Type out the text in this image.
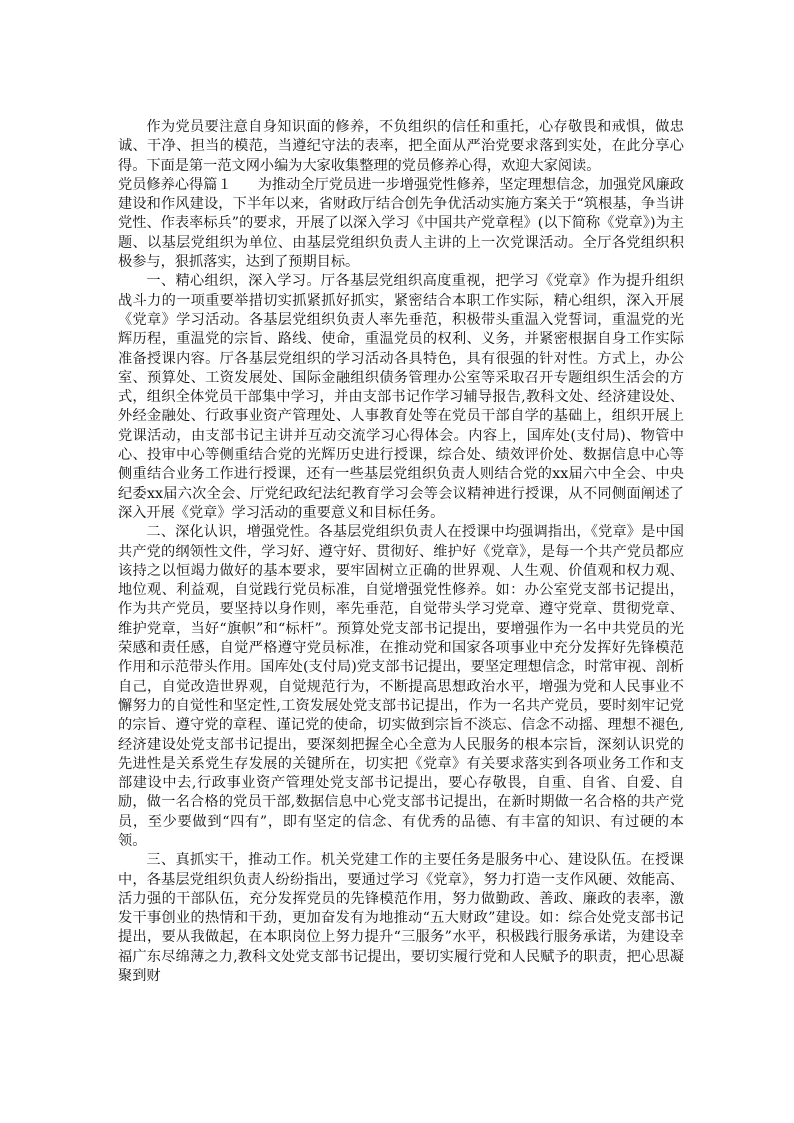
作为党员要注意自身知识面的修养，不负组织的信任和重托，心存敬畏和戒惧，做忠诚、干净、担当的模范，当遵纪守法的表率，把全面从严治党要求落到实处，在此分享心得。下面是第一范文网小编为大家收集整理的党员修养心得，欢迎大家阅读。

党员修养心得篇１ 为推动全厅党员进一步增强党性修养，坚定理想信念，加强党风廉政建设和作风建设，下半年以来，省财政厅结合创先争优活动实施方案关于“筑根基，争当讲党性、作表率标兵”的要求，开展了以深入学习《中国共产党章程》(以下简称《党章》)为主题、以基层党组织为单位、由基层党组织负责人主讲的上一次党课活动。全厅各党组织积极参与，狠抓落实，达到了预期目标。

一、精心组织，深入学习。厅各基层党组织高度重视，把学习《党章》作为提升组织战斗力的一项重要举措切实抓紧抓好抓实，紧密结合本职工作实际，精心组织，深入开展《党章》学习活动。各基层党组织负责人率先垂范，积极带头重温入党誓词，重温党的光辉历程，重温党的宗旨、路线、使命，重温党员的权利、义务，并紧密根据自身工作实际准备授课内容。厅各基层党组织的学习活动各具特色，具有很强的针对性。方式上，办公室、预算处、工资发展处、国际金融组织债务管理办公室等采取召开专题组织生活会的方式，组织全体党员干部集中学习，并由支部书记作学习辅导报告,教科文处、经济建设处、外经金融处、行政事业资产管理处、人事教育处等在党员干部自学的基础上，组织开展上党课活动，由支部书记主讲并互动交流学习心得体会。内容上，国库处(支付局)、物管中心、投审中心等侧重结合党的光辉历史进行授课，综合处、绩效评价处、数据信息中心等侧重结合业务工作进行授课，还有一些基层党组织负责人则结合党的xx届六中全会、中央纪委xx届六次全会、厅党纪政纪法纪教育学习会等会议精神进行授课，从不同侧面阐述了深入开展《党章》学习活动的重要意义和目标任务。

二、深化认识，增强党性。各基层党组织负责人在授课中均强调指出，《党章》是中国共产党的纲领性文件，学习好、遵守好、贯彻好、维护好《党章》，是每一个共产党员都应该持之以恒竭力做好的基本要求，要牢固树立正确的世界观、人生观、价值观和权力观、地位观、利益观，自觉践行党员标准，自觉增强党性修养。如：办公室党支部书记提出，作为共产党员，要坚持以身作则，率先垂范，自觉带头学习党章、遵守党章、贯彻党章、维护党章，当好“旗帜”和“标杆”。预算处党支部书记提出，要增强作为一名中共党员的光荣感和责任感，自觉严格遵守党员标准，在推动党和国家各项事业中充分发挥好先锋模范作用和示范带头作用。国库处(支付局)党支部书记提出，要坚定理想信念，时常审视、剖析自己，自觉改造世界观，自觉规范行为，不断提高思想政治水平，增强为党和人民事业不懈努力的自觉性和坚定性,工资发展处党支部书记提出，作为一名共产党员，要时刻牢记党的宗旨、遵守党的章程、谨记党的使命，切实做到宗旨不淡忘、信念不动摇、理想不褪色,经济建设处党支部书记提出，要深刻把握全心全意为人民服务的根本宗旨，深刻认识党的先进性是关系党生存发展的关键所在，切实把《党章》有关要求落实到各项业务工作和支部建设中去,行政事业资产管理处党支部书记提出，要心存敬畏，自重、自省、自爱、自励，做一名合格的党员干部,数据信息中心党支部书记提出，在新时期做一名合格的共产党员，至少要做到“四有”，即有坚定的信念、有优秀的品德、有丰富的知识、有过硬的本领。

三、真抓实干，推动工作。机关党建工作的主要任务是服务中心、建设队伍。在授课中，各基层党组织负责人纷纷指出，要通过学习《党章》，努力打造一支作风硬、效能高、活力强的干部队伍，充分发挥党员的先锋模范作用，努力做勤政、善政、廉政的表率，激发干事创业的热情和干劲，更加奋发有为地推动“五大财政”建设。如：综合处党支部书记提出，要从我做起，在本职岗位上努力提升“三服务”水平，积极践行服务承诺，为建设幸福广东尽绵薄之力,教科文处党支部书记提出，要切实履行党和人民赋予的职责，把心思凝聚到财
